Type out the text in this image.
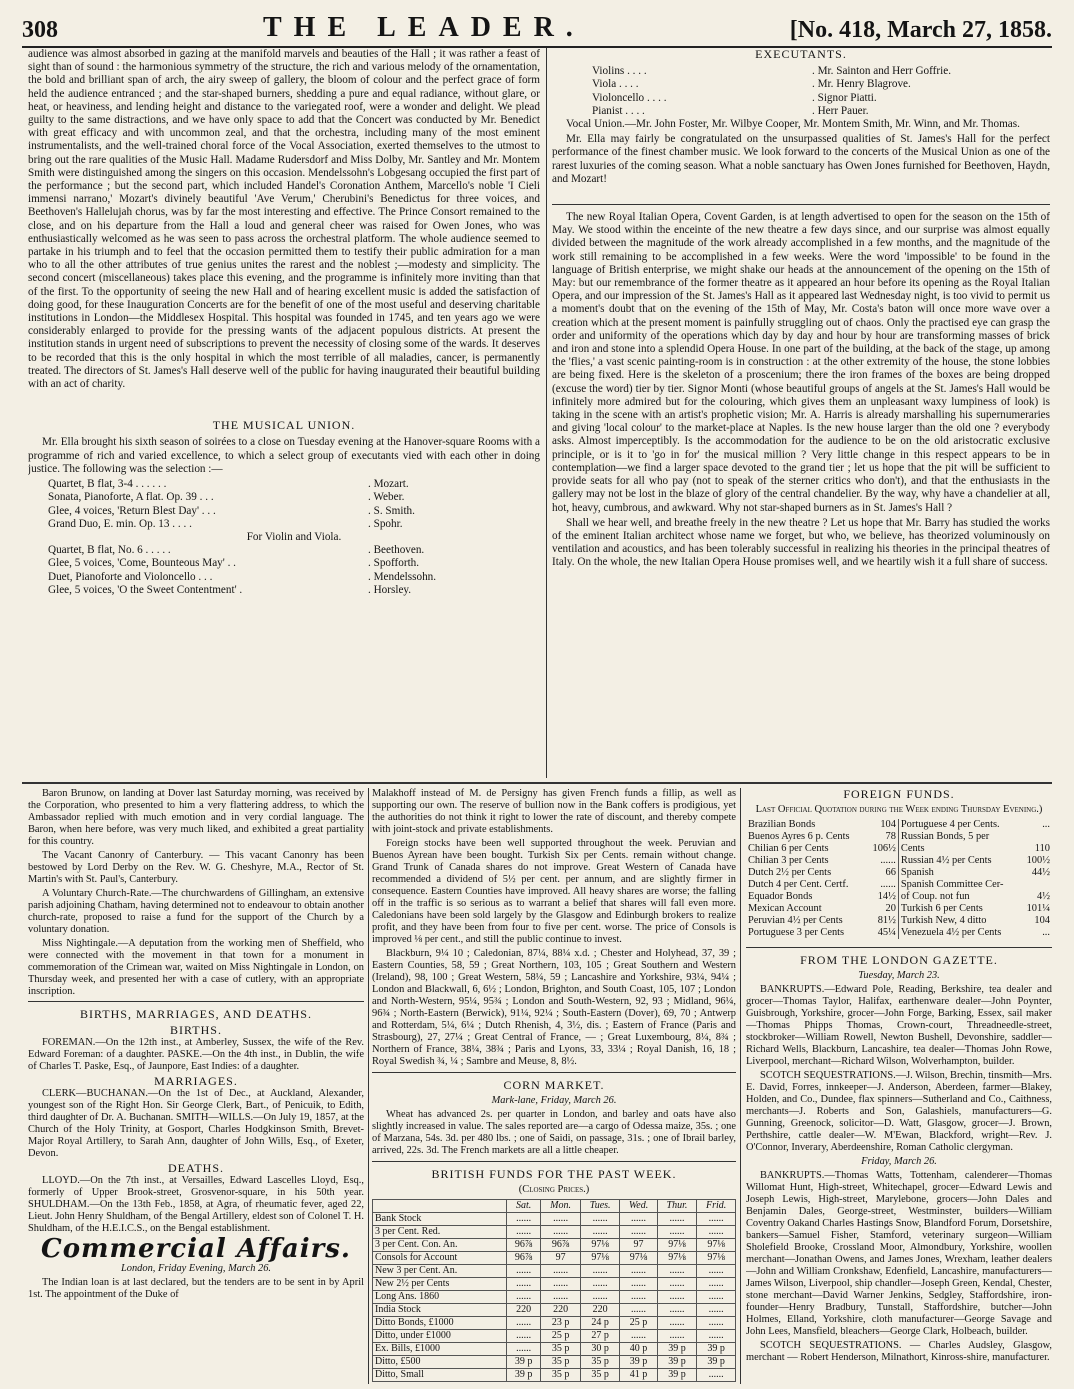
308	THE LEADER.	[No. 418, March 27, 1858.

audience was almost absorbed in gazing at the manifold marvels and beauties of the Hall ; it was rather a feast of sight than of sound : the harmonious symmetry of the structure, the rich and various melody of the ornamentation, the bold and brilliant span of arch, the airy sweep of gallery, the bloom of colour and the perfect grace of form held the audience entranced ; and the star-shaped burners, shedding a pure and equal radiance, without glare, or heat, or heaviness, and lending height and distance to the variegated roof, were a wonder and delight. We plead guilty to the same distractions, and we have only space to add that the Concert was conducted by Mr. Benedict with great efficacy and with uncommon zeal, and that the orchestra, including many of the most eminent instrumentalists, and the well-trained choral force of the Vocal Association, exerted themselves to the utmost to bring out the rare qualities of the Music Hall. Madame Rudersdorf and Miss Dolby, Mr. Santley and Mr. Montem Smith were distinguished among the singers on this occasion. Mendelssohn's Lobgesang occupied the first part of the performance ; but the second part, which included Handel's Coronation Anthem, Marcello's noble 'I Cieli immensi narrano,' Mozart's divinely beautiful 'Ave Verum,' Cherubini's Benedictus for three voices, and Beethoven's Hallelujah chorus, was by far the most interesting and effective. The Prince Consort remained to the close, and on his departure from the Hall a loud and general cheer was raised for Owen Jones, who was enthusiastically welcomed as he was seen to pass across the orchestral platform. The whole audience seemed to partake in his triumph and to feel that the occasion permitted them to testify their public admiration for a man who to all the other attributes of true genius unites the rarest and the noblest ;—modesty and simplicity. The second concert (miscellaneous) takes place this evening, and the programme is infinitely more inviting than that of the first. To the opportunity of seeing the new Hall and of hearing excellent music is added the satisfaction of doing good, for these Inauguration Concerts are for the benefit of one of the most useful and deserving charitable institutions in London—the Middlesex Hospital. This hospital was founded in 1745, and ten years ago we were considerably enlarged to provide for the pressing wants of the adjacent populous districts. At present the institution stands in urgent need of subscriptions to prevent the necessity of closing some of the wards. It deserves to be recorded that this is the only hospital in which the most terrible of all maladies, cancer, is permanently treated. The directors of St. James's Hall deserve well of the public for having inaugurated their beautiful building with an act of charity.

THE MUSICAL UNION.

Mr. Ella brought his sixth season of soirées to a close on Tuesday evening at the Hanover-square Rooms with a programme of rich and varied excellence, to which a select group of executants vied with each other in doing justice. The following was the selection :—

Quartet, B flat, 3-4 . . . . . .	. Mozart.
Sonata, Pianoforte, A flat. Op. 39 . . .	. Weber.
Glee, 4 voices, 'Return Blest Day' . . .	. S. Smith.
Grand Duo, E. min. Op. 13 . . . .	. Spohr.
For Violin and Viola.
Quartet, B flat, No. 6 . . . . .	. Beethoven.
Glee, 5 voices, 'Come, Bounteous May' . .	. Spofforth.
Duet, Pianoforte and Violoncello . . .	. Mendelssohn.
Glee, 5 voices, 'O the Sweet Contentment' .	. Horsley.
EXECUTANTS.
Violins . . . .	. Mr. Sainton and Herr Goffrie.
Viola . . . .	. Mr. Henry Blagrove.
Violoncello . . . .	. Signor Piatti.
Pianist . . . .	. Herr Pauer.

Vocal Union.—Mr. John Foster, Mr. Wilbye Cooper, Mr. Montem Smith, Mr. Winn, and Mr. Thomas.

Mr. Ella may fairly be congratulated on the unsurpassed qualities of St. James's Hall for the perfect performance of the finest chamber music. We look forward to the concerts of the Musical Union as one of the rarest luxuries of the coming season. What a noble sanctuary has Owen Jones furnished for Beethoven, Haydn, and Mozart!

The new Royal Italian Opera, Covent Garden, is at length advertised to open for the season on the 15th of May. We stood within the enceinte of the new theatre a few days since, and our surprise was almost equally divided between the magnitude of the work already accomplished in a few months, and the magnitude of the work still remaining to be accomplished in a few weeks. Were the word 'impossible' to be found in the language of British enterprise, we might shake our heads at the announcement of the opening on the 15th of May: but our remembrance of the former theatre as it appeared an hour before its opening as the Royal Italian Opera, and our impression of the St. James's Hall as it appeared last Wednesday night, is too vivid to permit us a moment's doubt that on the evening of the 15th of May, Mr. Costa's baton will once more wave over a creation which at the present moment is painfully struggling out of chaos. Only the practised eye can grasp the order and uniformity of the operations which day by day and hour by hour are transforming masses of brick and iron and stone into a splendid Opera House. In one part of the building, at the back of the stage, up among the 'flies,' a vast scenic painting-room is in construction : at the other extremity of the house, the stone lobbies are being fixed. Here is the skeleton of a proscenium; there the iron frames of the boxes are being dropped (excuse the word) tier by tier. Signor Monti (whose beautiful groups of angels at the St. James's Hall would be infinitely more admired but for the colouring, which gives them an unpleasant waxy lumpiness of look) is taking in the scene with an artist's prophetic vision; Mr. A. Harris is already marshalling his supernumeraries and giving 'local colour' to the market-place at Naples. Is the new house larger than the old one ? everybody asks. Almost imperceptibly. Is the accommodation for the audience to be on the old aristocratic exclusive principle, or is it to 'go in for' the musical million ? Very little change in this respect appears to be in contemplation—we find a larger space devoted to the grand tier ; let us hope that the pit will be sufficient to provide seats for all who pay (not to speak of the sterner critics who don't), and that the enthusiasts in the gallery may not be lost in the blaze of glory of the central chandelier. By the way, why have a chandelier at all, hot, heavy, cumbrous, and awkward. Why not star-shaped burners as in St. James's Hall ?

Shall we hear well, and breathe freely in the new theatre ? Let us hope that Mr. Barry has studied the works of the eminent Italian architect whose name we forget, but who, we believe, has theorized voluminously on ventilation and acoustics, and has been tolerably successful in realizing his theories in the principal theatres of Italy. On the whole, the new Italian Opera House promises well, and we heartily wish it a full share of success.

Baron Brunow, on landing at Dover last Saturday morning, was received by the Corporation, who presented to him a very flattering address, to which the Ambassador replied with much emotion and in very cordial language. The Baron, when here before, was very much liked, and exhibited a great partiality for this country.

The Vacant Canonry of Canterbury. — This vacant Canonry has been bestowed by Lord Derby on the Rev. W. G. Cheshyre, M.A., Rector of St. Martin's with St. Paul's, Canterbury.

A Voluntary Church-Rate.—The churchwardens of Gillingham, an extensive parish adjoining Chatham, having determined not to endeavour to obtain another church-rate, proposed to raise a fund for the support of the Church by a voluntary donation.

Miss Nightingale.—A deputation from the working men of Sheffield, who were connected with the movement in that town for a monument in commemoration of the Crimean war, waited on Miss Nightingale in London, on Thursday week, and presented her with a case of cutlery, with an appropriate inscription.

BIRTHS, MARRIAGES, AND DEATHS.
BIRTHS.

FOREMAN.—On the 12th inst., at Amberley, Sussex, the wife of the Rev. Edward Foreman: of a daughter. PASKE.—On the 4th inst., in Dublin, the wife of Charles T. Paske, Esq., of Jaunpore, East Indies: of a daughter.

MARRIAGES.

CLERK—BUCHANAN.—On the 1st of Dec., at Auckland, Alexander, youngest son of the Right Hon. Sir George Clerk, Bart., of Penicuik, to Edith, third daughter of Dr. A. Buchanan. SMITH—WILLS.—On July 19, 1857, at the Church of the Holy Trinity, at Gosport, Charles Hodgkinson Smith, Brevet-Major Royal Artillery, to Sarah Ann, daughter of John Wills, Esq., of Exeter, Devon.

DEATHS.

LLOYD.—On the 7th inst., at Versailles, Edward Lascelles Lloyd, Esq., formerly of Upper Brook-street, Grosvenor-square, in his 50th year. SHULDHAM.—On the 13th Feb., 1858, at Agra, of rheumatic fever, aged 22, Lieut. John Henry Shuldham, of the Bengal Artillery, eldest son of Colonel T. H. Shuldham, of the H.E.I.C.S., on the Bengal establishment.

Commercial Affairs.
London, Friday Evening, March 26.

The Indian loan is at last declared, but the tenders are to be sent in by April 1st. The appointment of the Duke of

Malakhoff instead of M. de Persigny has given French funds a fillip, as well as supporting our own. The reserve of bullion now in the Bank coffers is prodigious, yet the authorities do not think it right to lower the rate of discount, and thereby compete with joint-stock and private establishments.

Foreign stocks have been well supported throughout the week. Peruvian and Buenos Ayrean have been bought. Turkish Six per Cents. remain without change. Grand Trunk of Canada shares do not improve. Great Western of Canada have recommended a dividend of 5½ per cent. per annum, and are slightly firmer in consequence. Eastern Counties have improved. All heavy shares are worse; the falling off in the traffic is so serious as to warrant a belief that shares will fall even more. Caledonians have been sold largely by the Glasgow and Edinburgh brokers to realize profit, and they have been from four to five per cent. worse. The price of Consols is improved ⅛ per cent., and still the public continue to invest.

Blackburn, 9¼ 10 ; Caledonian, 87¼, 88¼ x.d. ; Chester and Holyhead, 37, 39 ; Eastern Counties, 58, 59 ; Great Northern, 103, 105 ; Great Southern and Western (Ireland), 98, 100 ; Great Western, 58¼, 59 ; Lancashire and Yorkshire, 93¼, 94¼ ; London and Blackwall, 6, 6½ ; London, Brighton, and South Coast, 105, 107 ; London and North-Western, 95¼, 95¾ ; London and South-Western, 92, 93 ; Midland, 96¼, 96¾ ; North-Eastern (Berwick), 91¼, 92¼ ; South-Eastern (Dover), 69, 70 ; Antwerp and Rotterdam, 5¼, 6¼ ; Dutch Rhenish, 4, 3½, dis. ; Eastern of France (Paris and Strasbourg), 27, 27¼ ; Great Central of France, — ; Great Luxembourg, 8¼, 8¾ ; Northern of France, 38¼, 38¾ ; Paris and Lyons, 33, 33¼ ; Royal Danish, 16, 18 ; Royal Swedish ¾, ¼ ; Sambre and Meuse, 8, 8½.

CORN MARKET.
Mark-lane, Friday, March 26.

Wheat has advanced 2s. per quarter in London, and barley and oats have also slightly increased in value. The sales reported are—a cargo of Odessa maize, 35s. ; one of Marzana, 54s. 3d. per 480 lbs. ; one of Saidi, on passage, 31s. ; one of Ibrail barley, arrived, 22s. 3d. The French markets are all a little cheaper.

BRITISH FUNDS FOR THE PAST WEEK.
(Closing Prices.)
	Sat.	Mon.	Tues.	Wed.	Thur.	Frid.
Bank Stock	......	......	......	......	......	......
3 per Cent. Red.	......	......	......	......	......	......
3 per Cent. Con. An.	96⅞	96⅞	97⅛	97	97⅛	97⅛
Consols for Account	96⅞	97	97⅛	97⅛	97⅛	97⅛
New 3 per Cent. An.	......	......	......	......	......	......
New 2½ per Cents	......	......	......	......	......	......
Long Ans. 1860	......	......	......	......	......	......
India Stock	220	220	220	......	......	......
Ditto Bonds, £1000	......	23 p	24 p	25 p	......	......
Ditto, under £1000	......	25 p	27 p	......	......	......
Ex. Bills, £1000	......	35 p	30 p	40 p	39 p	39 p
Ditto, £500	39 p	35 p	35 p	39 p	39 p	39 p
Ditto, Small	39 p	35 p	35 p	41 p	39 p	......
FOREIGN FUNDS.
Last Official Quotation during the Week ending Thursday Evening.)
Brazilian Bonds	104	Portuguese 4 per Cents.	...
Buenos Ayres 6 p. Cents	78	Russian Bonds, 5 per	
Chilian 6 per Cents	106½	Cents	110
Chilian 3 per Cents	......	Russian 4½ per Cents	100½
Dutch 2½ per Cents	66	Spanish	44½
Dutch 4 per Cent. Certf.	......	Spanish Committee Cer-	
Equador Bonds	14½	of Coup. not fun	4½
Mexican Account	20	Turkish 6 per Cents	101¼
Peruvian 4½ per Cents	81½	Turkish New, 4 ditto	104
Portuguese 3 per Cents	45¼	Venezuela 4½ per Cents	...
FROM THE LONDON GAZETTE.
Tuesday, March 23.

BANKRUPTS.—Edward Pole, Reading, Berkshire, tea dealer and grocer—Thomas Taylor, Halifax, earthenware dealer—John Poynter, Guisbrough, Yorkshire, grocer—John Forge, Barking, Essex, sail maker—Thomas Phipps Thomas, Crown-court, Threadneedle-street, stockbroker—William Rowell, Newton Bushell, Devonshire, saddler—Richard Wells, Blackburn, Lancashire, tea dealer—Thomas John Rowe, Liverpool, merchant—Richard Wilson, Wolverhampton, builder.

SCOTCH SEQUESTRATIONS.—J. Wilson, Brechin, tinsmith—Mrs. E. David, Forres, innkeeper—J. Anderson, Aberdeen, farmer—Blakey, Holden, and Co., Dundee, flax spinners—Sutherland and Co., Caithness, merchants—J. Roberts and Son, Galashiels, manufacturers—G. Gunning, Greenock, solicitor—D. Watt, Glasgow, grocer—J. Brown, Perthshire, cattle dealer—W. M'Ewan, Blackford, wright—Rev. J. O'Connor, Inverary, Aberdeenshire, Roman Catholic clergyman.

Friday, March 26.

BANKRUPTS.—Thomas Watts, Tottenham, calenderer—Thomas Willomat Hunt, High-street, Whitechapel, grocer—Edward Lewis and Joseph Lewis, High-street, Marylebone, grocers—John Dales and Benjamin Dales, George-street, Westminster, builders—William Coventry Oakand Charles Hastings Snow, Blandford Forum, Dorsetshire, bankers—Samuel Fisher, Stamford, veterinary surgeon—William Sholefield Brooke, Crossland Moor, Almondbury, Yorkshire, woollen merchant—Jonathan Owens, and James Jones, Wrexham, leather dealers—John and William Cronkshaw, Edenfield, Lancashire, manufacturers—James Wilson, Liverpool, ship chandler—Joseph Green, Kendal, Chester, stone merchant—David Warner Jenkins, Sedgley, Staffordshire, iron-founder—Henry Bradbury, Tunstall, Staffordshire, butcher—John Holmes, Elland, Yorkshire, cloth manufacturer—George Savage and John Lees, Mansfield, bleachers—George Clark, Holbeach, builder.

SCOTCH SEQUESTRATIONS. — Charles Audsley, Glasgow, merchant — Robert Henderson, Milnathort, Kinross-shire, manufacturer.
